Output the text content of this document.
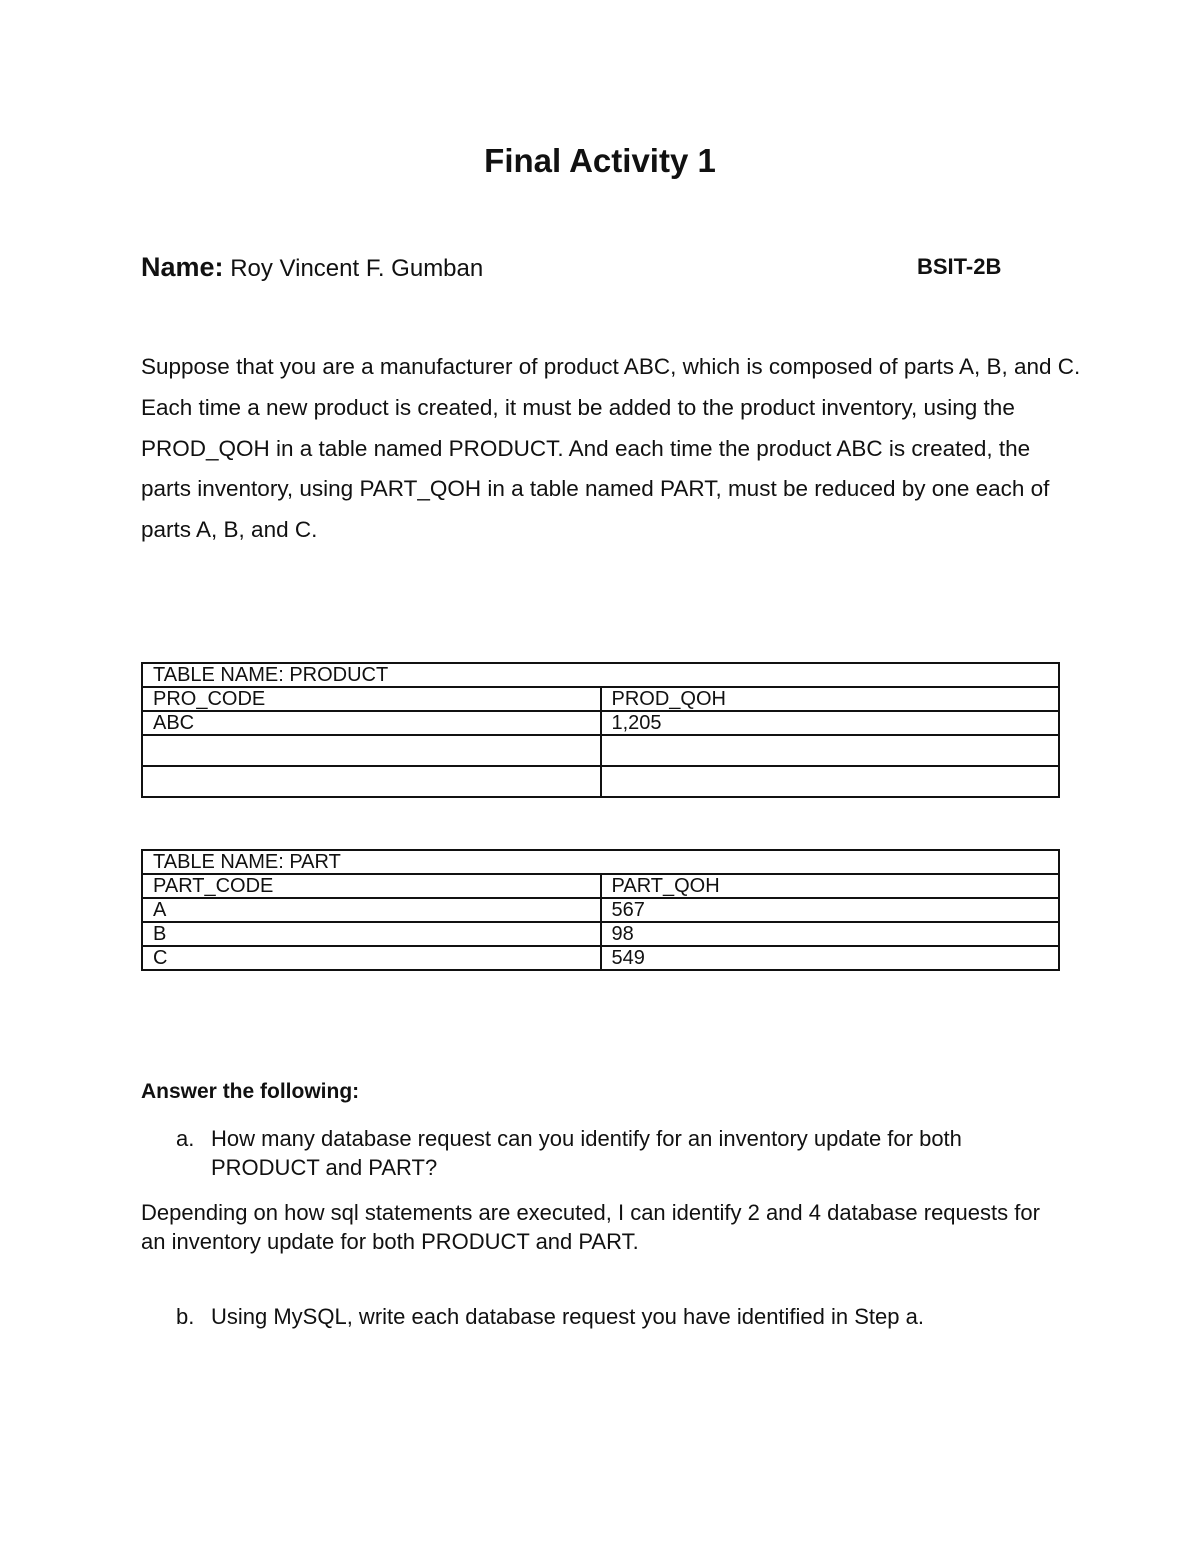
Final Activity 1
Name: Roy Vincent F. Gumban	BSIT-2B
Suppose that you are a manufacturer of product ABC, which is composed of parts A, B, and C. Each time a new product is created, it must be added to the product inventory, using the PROD_QOH in a table named PRODUCT. And each time the product ABC is created, the parts inventory, using PART_QOH in a table named PART, must be reduced by one each of parts A, B, and C.
TABLE NAME: PRODUCT	
PRO_CODE	PROD_QOH
ABC	1,205

TABLE NAME: PART	
PART_CODE	PART_QOH
A	567
B	98
C	549
Answer the following:
a. How many database request can you identify for an inventory update for both PRODUCT and PART?
Depending on how sql statements are executed, I can identify 2 and 4 database requests for an inventory update for both PRODUCT and PART.
b. Using MySQL, write each database request you have identified in Step a.
